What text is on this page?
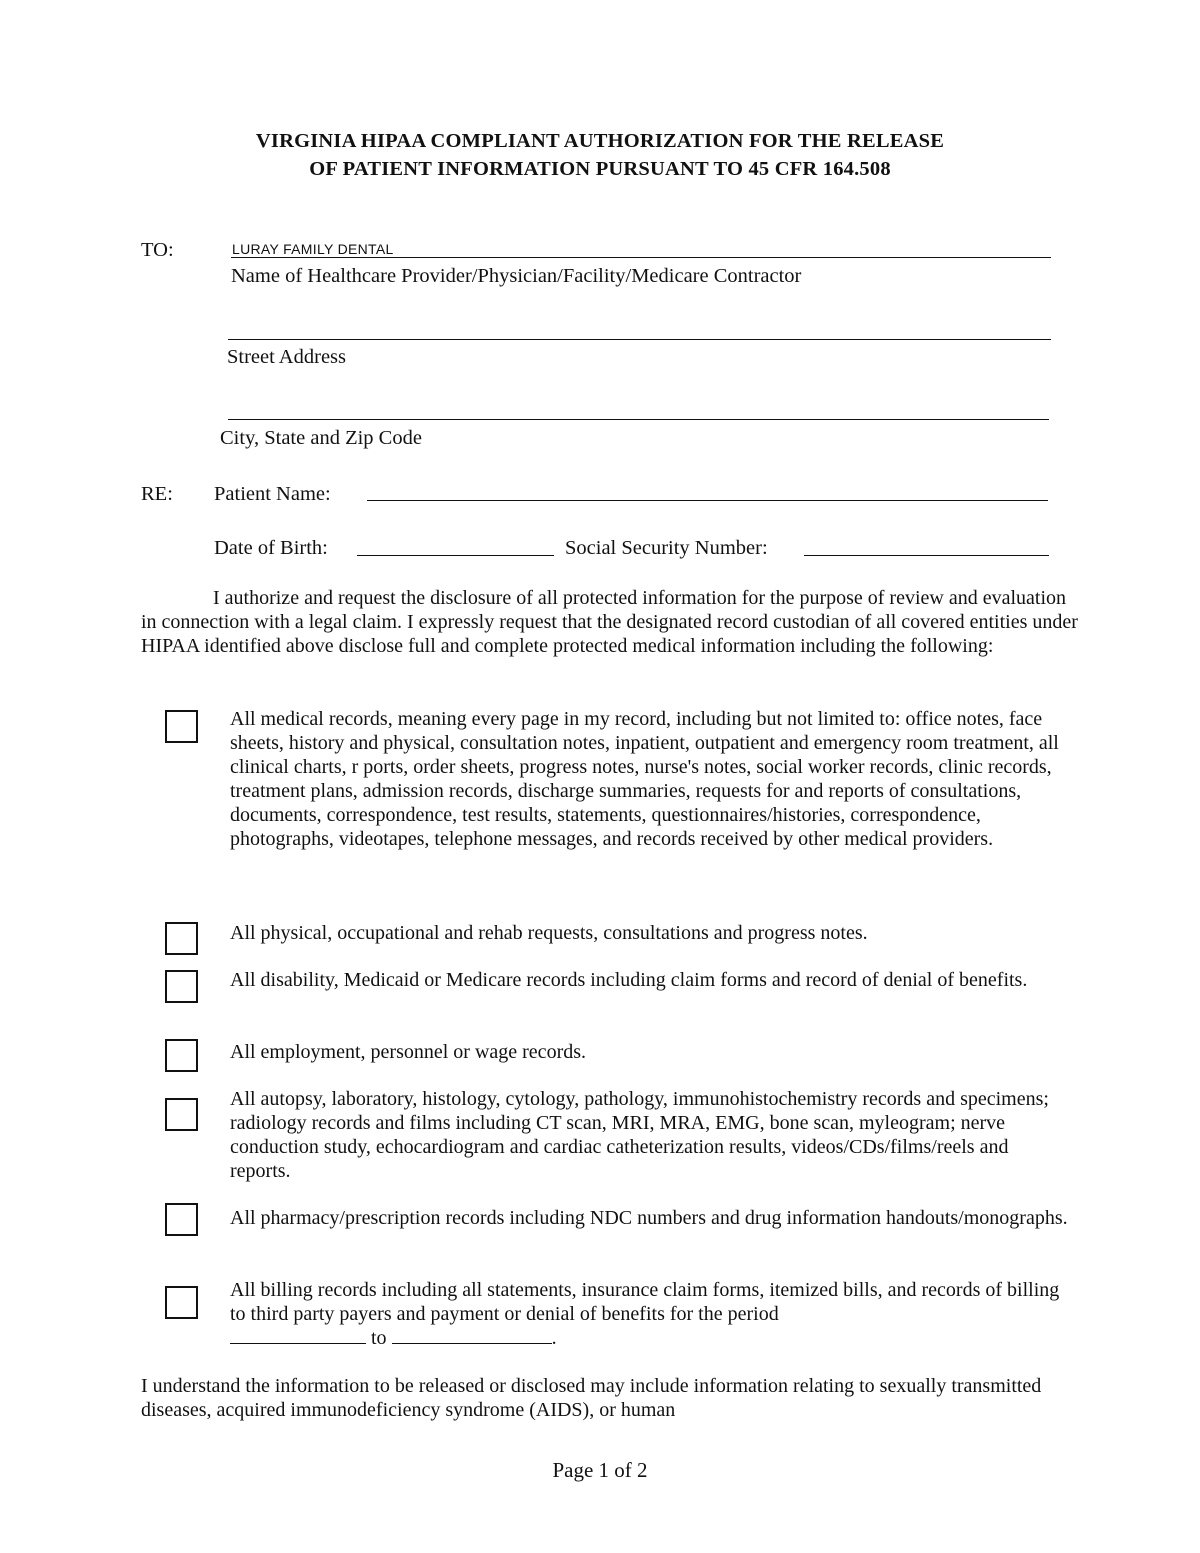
VIRGINIA HIPAA COMPLIANT AUTHORIZATION FOR THE RELEASE
OF PATIENT INFORMATION PURSUANT TO 45 CFR 164.508
TO:	LURAY FAMILY DENTAL
Name of Healthcare Provider/Physician/Facility/Medicare Contractor
Street Address
City, State and Zip Code
RE: Patient Name:
Date of Birth:	Social Security Number:
I authorize and request the disclosure of all protected information for the purpose of review and evaluation in connection with a legal claim. I expressly request that the designated record custodian of all covered entities under HIPAA identified above disclose full and complete protected medical information including the following:
All medical records, meaning every page in my record, including but not limited to: office notes, face sheets, history and physical, consultation notes, inpatient, outpatient and emergency room treatment, all clinical charts, r ports, order sheets, progress notes, nurse's notes, social worker records, clinic records, treatment plans, admission records, discharge summaries, requests for and reports of consultations, documents, correspondence, test results, statements, questionnaires/histories, correspondence, photographs, videotapes, telephone messages, and records received by other medical providers.
All physical, occupational and rehab requests, consultations and progress notes.
All disability, Medicaid or Medicare records including claim forms and record of denial of benefits.
All employment, personnel or wage records.
All autopsy, laboratory, histology, cytology, pathology, immunohistochemistry records and specimens; radiology records and films including CT scan, MRI, MRA, EMG, bone scan, myleogram; nerve conduction study, echocardiogram and cardiac catheterization results, videos/CDs/films/reels and reports.
All pharmacy/prescription records including NDC numbers and drug information handouts/monographs.
All billing records including all statements, insurance claim forms, itemized bills, and records of billing to third party payers and payment or denial of benefits for the period
to	.
I understand the information to be released or disclosed may include information relating to sexually transmitted diseases, acquired immunodeficiency syndrome (AIDS), or human
Page 1 of 2
